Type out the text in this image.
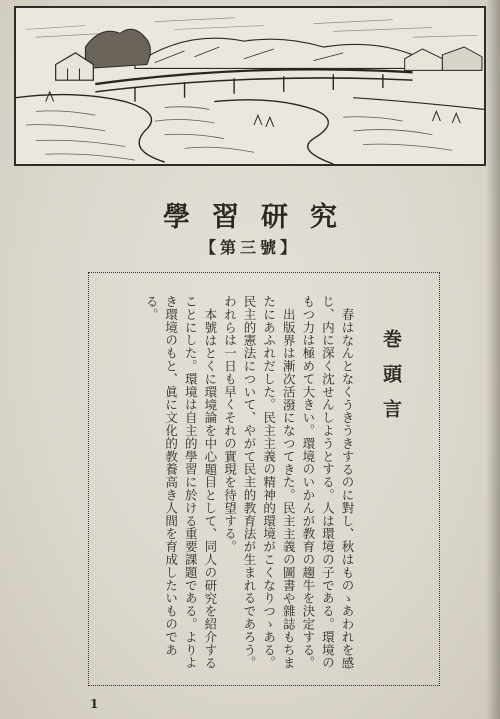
學習研究
【第三號】
巻頭言

春はなんとなくうきうきするのに對し、秋はものゝあわれを感じ、内に深く沈せんしようとする。人は環境の子である。環境のもつ力は極めて大きい。環境のいかんが教育の趨牛を決定する。

出版界は漸次活潑になつてきた。民主主義の圖書や雜誌もちまたにあふれだした。民主主義の精神的環境がこくなりつゝある。民主的憲法について、やがて民主的教育法が生まれるであろう。われらは一日も早くそれの實現を待望する。

本號はとくに環境論を中心題目として、同人の研究を紹介することにした。環境は自主的學習に於ける重要課題である。よりよき環境のもと、眞に文化的教養高き人間を育成したいものである。

1
